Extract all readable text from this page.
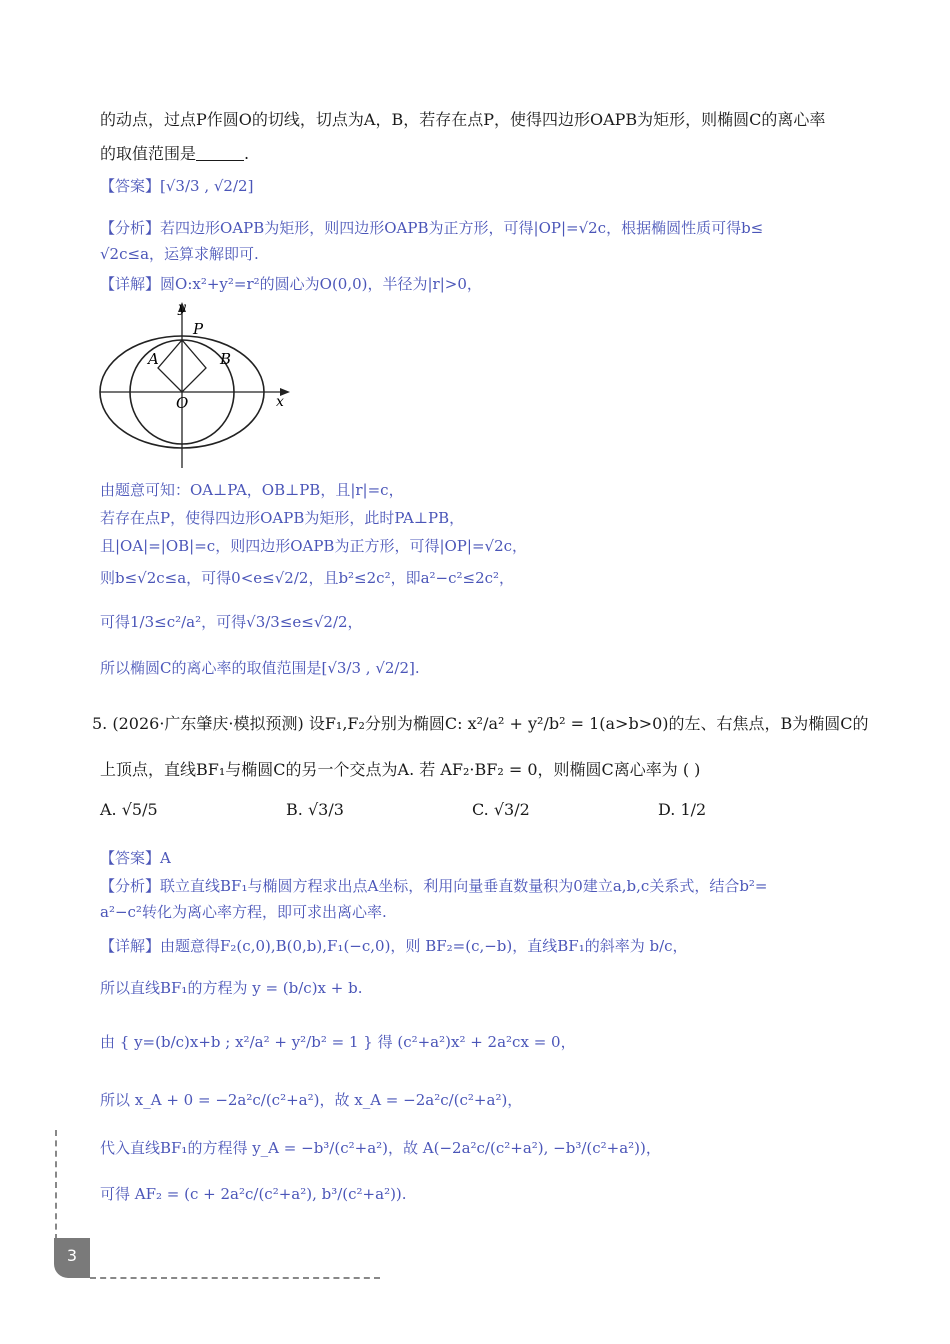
的动点，过点P作圆O的切线，切点为A，B，若存在点P，使得四边形OAPB为矩形，则椭圆C的离心率
的取值范围是	.
【答案】[√3/3 , √2/2]
【分析】若四边形OAPB为矩形，则四边形OAPB为正方形，可得|OP|=√2c，根据椭圆性质可得b≤
√2c≤a，运算求解即可.
【详解】圆O:x²+y²=r²的圆心为O(0,0)，半径为|r|>0，
y
P
A	B
O	x
由题意可知：OA⊥PA，OB⊥PB，且|r|=c，
若存在点P，使得四边形OAPB为矩形，此时PA⊥PB，
且|OA|=|OB|=c，则四边形OAPB为正方形，可得|OP|=√2c，
则b≤√2c≤a，可得0<e≤√2/2，且b²≤2c²，即a²−c²≤2c²，
可得1/3≤c²/a²，可得√3/3≤e≤√2/2，
所以椭圆C的离心率的取值范围是[√3/3 , √2/2].
5. (2026·广东肇庆·模拟预测) 设F₁,F₂分别为椭圆C: x²/a² + y²/b² = 1(a>b>0)的左、右焦点，B为椭圆C的
上顶点，直线BF₁与椭圆C的另一个交点为A. 若 AF₂·BF₂ = 0，则椭圆C离心率为 ( )
A. √5/5	B. √3/3	C. √3/2	D. 1/2
【答案】A
【分析】联立直线BF₁与椭圆方程求出点A坐标，利用向量垂直数量积为0建立a,b,c关系式，结合b²=
a²−c²转化为离心率方程，即可求出离心率.
【详解】由题意得F₂(c,0),B(0,b),F₁(−c,0)，则 BF₂=(c,−b)，直线BF₁的斜率为 b/c，
所以直线BF₁的方程为 y = (b/c)x + b.
由 { y=(b/c)x+b ; x²/a² + y²/b² = 1 } 得 (c²+a²)x² + 2a²cx = 0，
所以 x_A + 0 = −2a²c/(c²+a²)，故 x_A = −2a²c/(c²+a²)，
代入直线BF₁的方程得 y_A = −b³/(c²+a²)，故 A(−2a²c/(c²+a²), −b³/(c²+a²))，
可得 AF₂ = (c + 2a²c/(c²+a²), b³/(c²+a²)).
3
